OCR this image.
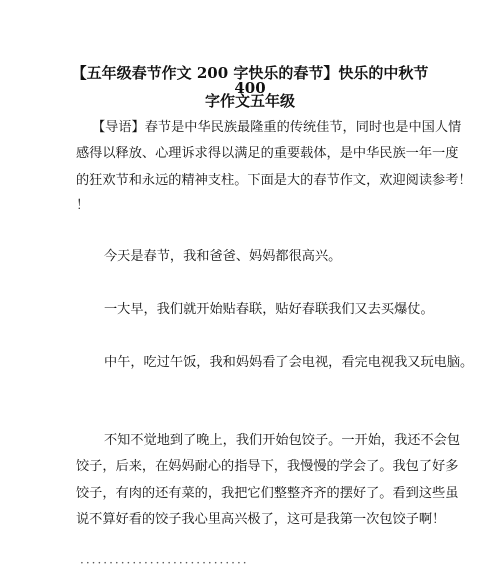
【五年级春节作文 200 字快乐的春节】快乐的中秋节 400
字作文五年级
【导语】春节是中华民族最隆重的传统佳节，同时也是中国人情
感得以释放、心理诉求得以满足的重要载体，是中华民族一年一度
的狂欢节和永远的精神支柱。下面是大的春节作文，欢迎阅读参考！
！
今天是春节，我和爸爸、妈妈都很高兴。
一大早，我们就开始贴春联，贴好春联我们又去买爆仗。
中午，吃过午饭，我和妈妈看了会电视，看完电视我又玩电脑。
不知不觉地到了晚上，我们开始包饺子。一开始，我还不会包
饺子，后来，在妈妈耐心的指导下，我慢慢的学会了。我包了好多
饺子，有肉的还有菜的，我把它们整整齐齐的摆好了。看到这些虽
说不算好看的饺子我心里高兴极了，这可是我第一次包饺子啊！
·····························
